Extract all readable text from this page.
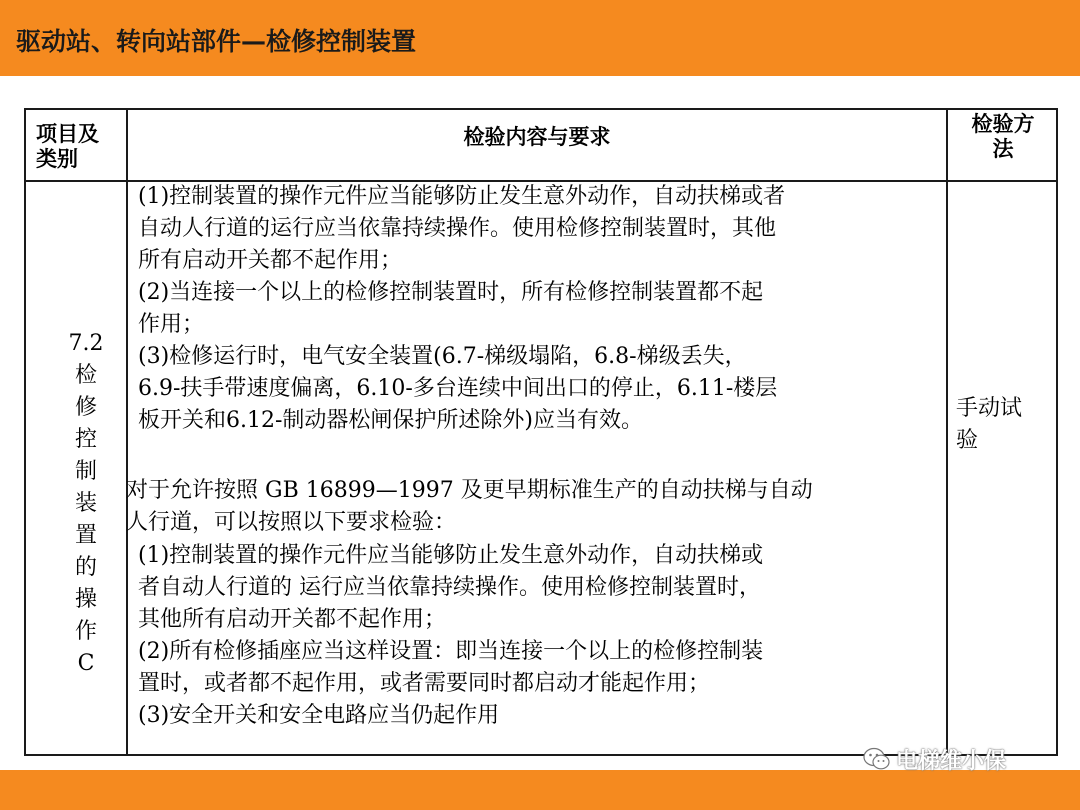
驱动站、转向站部件—检修控制装置
项目及
类别
检验内容与要求
检验方
法
7.2
检
修
控
制
装
置
的
操
作
C
(1)控制装置的操作元件应当能够防止发生意外动作，自动扶梯或者
自动人行道的运行应当依靠持续操作。使用检修控制装置时，其他
所有启动开关都不起作用；
(2)当连接一个以上的检修控制装置时，所有检修控制装置都不起
作用；
(3)检修运行时，电气安全装置(6.7-梯级塌陷，6.8-梯级丢失，
6.9-扶手带速度偏离，6.10-多台连续中间出口的停止，6.11-楼层
板开关和6.12-制动器松闸保护所述除外)应当有效。
对于允许按照 GB 16899—1997 及更早期标准生产的自动扶梯与自动
人行道，可以按照以下要求检验：
(1)控制装置的操作元件应当能够防止发生意外动作，自动扶梯或
者自动人行道的 运行应当依靠持续操作。使用检修控制装置时，
其他所有启动开关都不起作用；
(2)所有检修插座应当这样设置：即当连接一个以上的检修控制装
置时，或者都不起作用，或者需要同时都启动才能起作用；
(3)安全开关和安全电路应当仍起作用
手动试
验
电梯维小保
